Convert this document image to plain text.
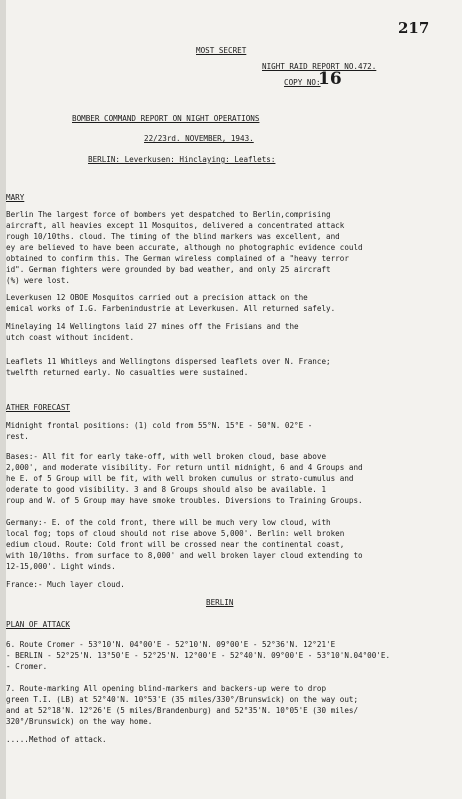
217
MOST SECRET
NIGHT RAID REPORT NO.472.
COPY NO:
16
BOMBER COMMAND REPORT ON NIGHT OPERATIONS
22/23rd. NOVEMBER, 1943.
BERLIN: Leverkusen: Hinclaying: Leaflets:
MARY
Berlin The largest force of bombers yet despatched to Berlin,comprising
aircraft, all heavies except 11 Mosquitos, delivered a concentrated attack
rough 10/10ths. cloud. The timing of the blind markers was excellent, and
ey are believed to have been accurate, although no photographic evidence could
obtained to confirm this. The German wireless complained of a "heavy terror
id". German fighters were grounded by bad weather, and only 25 aircraft
(%) were lost.
Leverkusen 12 OBOE Mosquitos carried out a precision attack on the
emical works of I.G. Farbenindustrie at Leverkusen. All returned safely.
Minelaying 14 Wellingtons laid 27 mines off the Frisians and the
utch coast without incident.
Leaflets 11 Whitleys and Wellingtons dispersed leaflets over N. France;
twelfth returned early. No casualties were sustained.
ATHER FORECAST
Midnight frontal positions: (1) cold from 55°N. 15°E - 50°N. 02°E -
rest.
Bases:- All fit for early take-off, with well broken cloud, base above
2,000', and moderate visibility. For return until midnight, 6 and 4 Groups and
he E. of 5 Group will be fit, with well broken cumulus or strato-cumulus and
oderate to good visibility. 3 and 8 Groups should also be available. 1
roup and W. of 5 Group may have smoke troubles. Diversions to Training Groups.
Germany:- E. of the cold front, there will be much very low cloud, with
local fog; tops of cloud should not rise above 5,000'. Berlin: well broken
edium cloud. Route: Cold front will be crossed near the continental coast,
with 10/10ths. from surface to 8,000' and well broken layer cloud extending to
12-15,000'. Light winds.
France:- Much layer cloud.
BERLIN
PLAN OF ATTACK
6. Route Cromer - 53°10'N. 04°00'E - 52°10'N. 09°00'E - 52°36'N. 12°21'E
- BERLIN - 52°25'N. 13°50'E - 52°25'N. 12°00'E - 52°40'N. 09°00'E - 53°10'N.04°00'E.
- Cromer.
7. Route-marking All opening blind-markers and backers-up were to drop
green T.I. (LB) at 52°40'N. 10°53'E (35 miles/330°/Brunswick) on the way out;
and at 52°18'N. 12°26'E (5 miles/Brandenburg) and 52°35'N. 10°05'E (30 miles/
320°/Brunswick) on the way home.
.....Method of attack.
